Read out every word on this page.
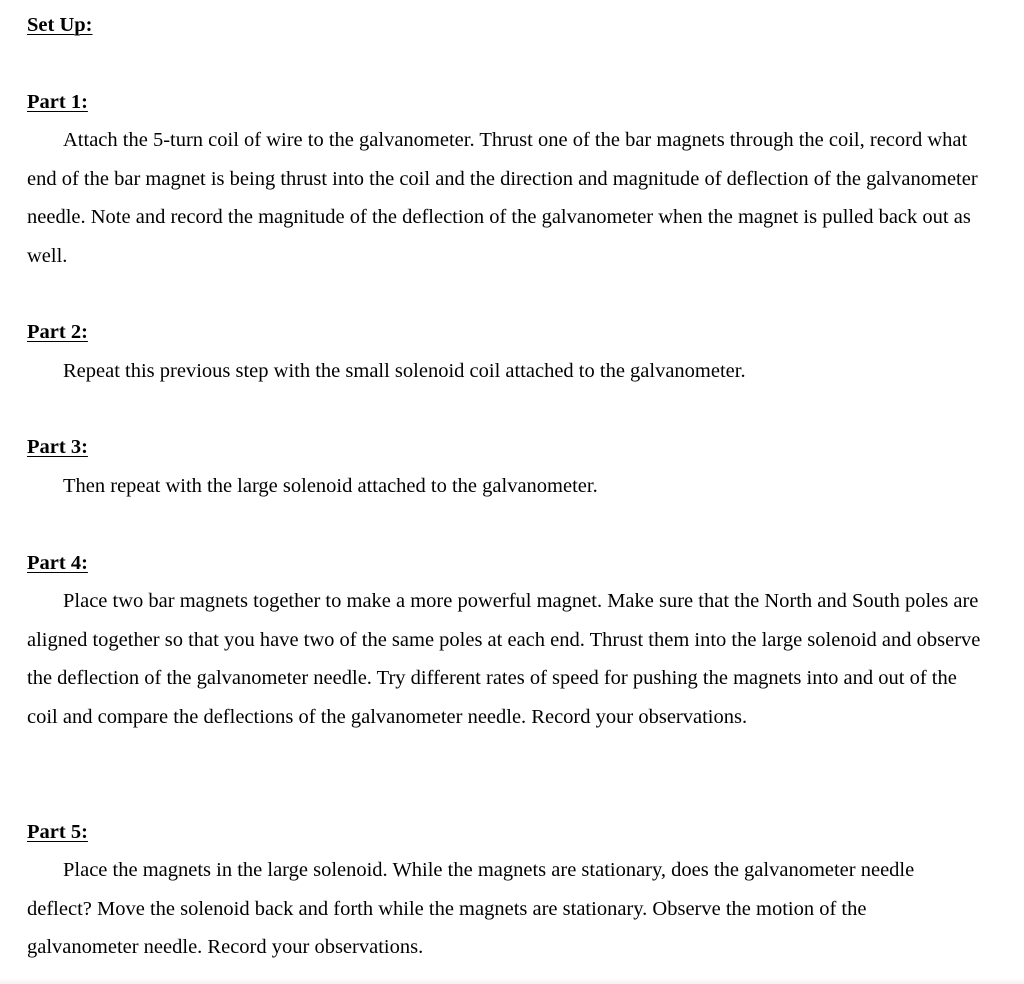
Set Up:
Part 1:

Attach the 5-turn coil of wire to the galvanometer. Thrust one of the bar magnets through the coil, record what end of the bar magnet is being thrust into the coil and the direction and magnitude of deflection of the galvanometer needle. Note and record the magnitude of the deflection of the galvanometer when the magnet is pulled back out as well.

Part 2:

Repeat this previous step with the small solenoid coil attached to the galvanometer.

Part 3:

Then repeat with the large solenoid attached to the galvanometer.

Part 4:

Place two bar magnets together to make a more powerful magnet. Make sure that the North and South poles are aligned together so that you have two of the same poles at each end. Thrust them into the large solenoid and observe the deflection of the galvanometer needle. Try different rates of speed for pushing the magnets into and out of the coil and compare the deflections of the galvanometer needle. Record your observations.

Part 5:

Place the magnets in the large solenoid. While the magnets are stationary, does the galvanometer needle deflect? Move the solenoid back and forth while the magnets are stationary. Observe the motion of the galvanometer needle. Record your observations.
